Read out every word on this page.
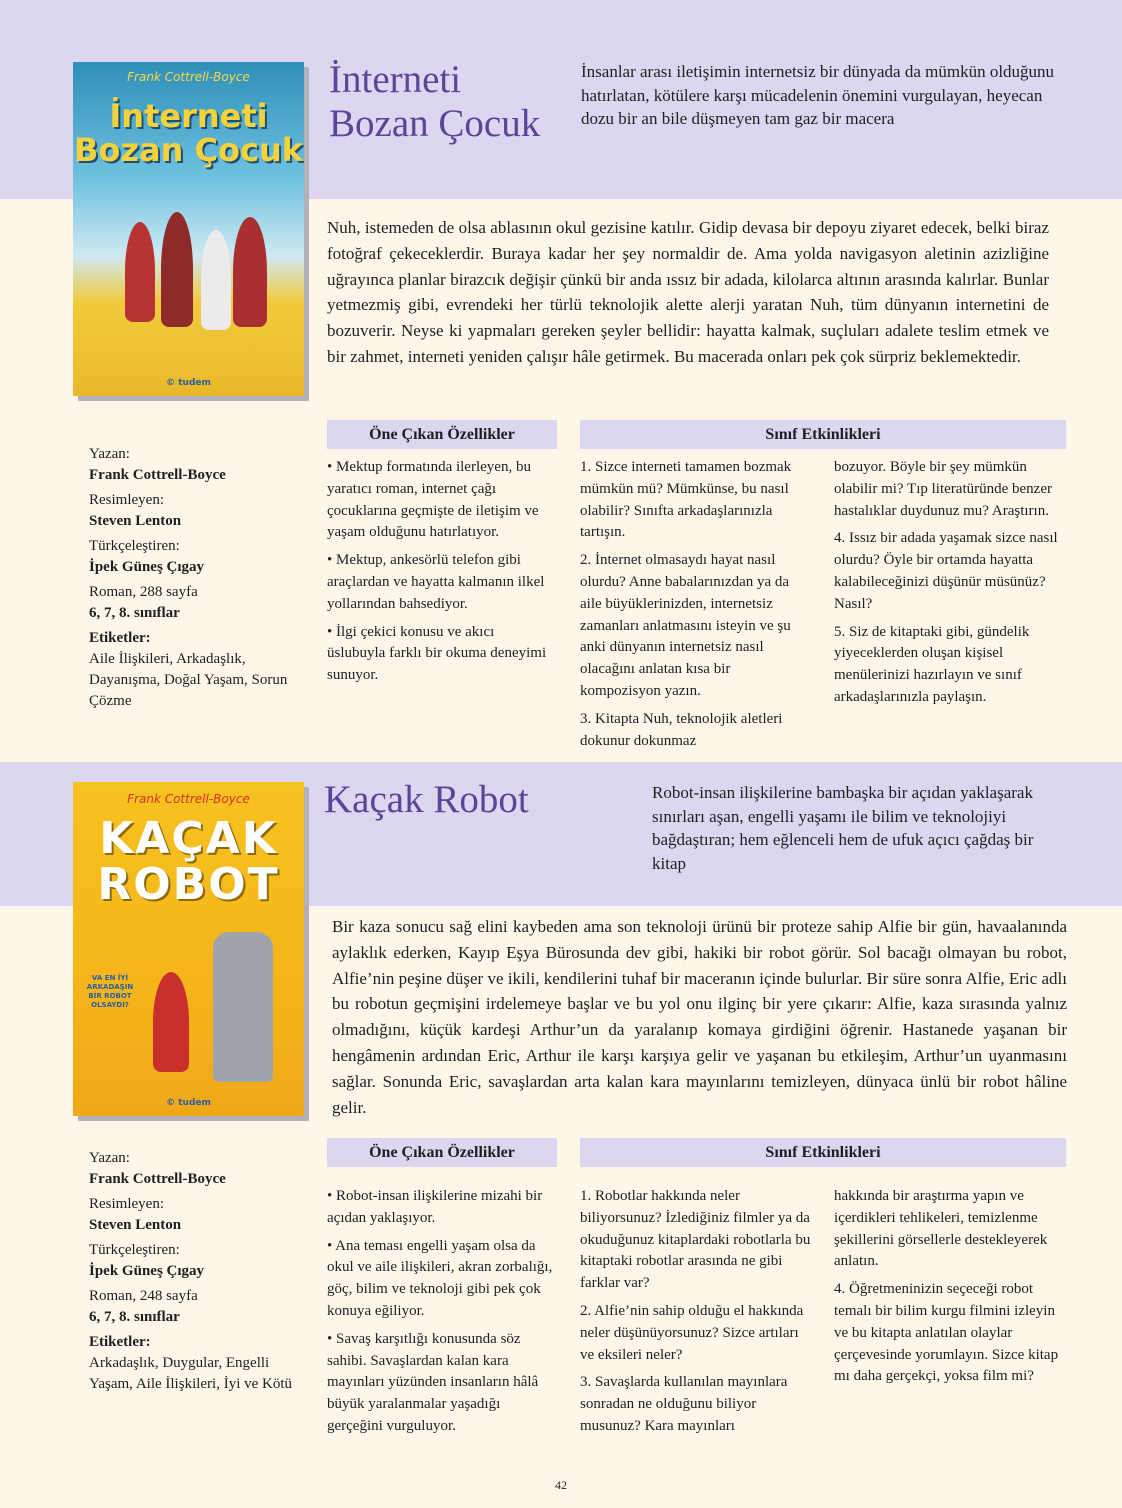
Frank Cottrell-Boyce
İnterneti
Bozan Çocuk
© tudem
İnterneti
Bozan Çocuk

İnsanlar arası iletişimin internetsiz bir dünyada da mümkün olduğunu hatırlatan, kötülere karşı mücadelenin önemini vurgulayan, heyecan dozu bir an bile düşmeyen tam gaz bir macera

Nuh, istemeden de olsa ablasının okul gezisine katılır. Gidip devasa bir depoyu ziyaret edecek, belki biraz fotoğraf çekeceklerdir. Buraya kadar her şey normaldir de. Ama yolda navigasyon aletinin azizliğine uğrayınca planlar birazcık değişir çünkü bir anda ıssız bir adada, kilolarca altının arasında kalırlar. Bunlar yetmezmiş gibi, evrendeki her türlü teknolojik alette alerji yaratan Nuh, tüm dünyanın internetini de bozuverir. Neyse ki yapmaları gereken şeyler bellidir: hayatta kalmak, suçluları adalete teslim etmek ve bir zahmet, interneti yeniden çalışır hâle getirmek. Bu macerada onları pek çok sürpriz beklemektedir.

Öne Çıkan Özellikler	Sınıf Etkinlikleri

• Mektup formatında ilerleyen, bu yaratıcı roman, internet çağı çocuklarına geçmişte de iletişim ve yaşam olduğunu hatırlatıyor.

• Mektup, ankesörlü telefon gibi araçlardan ve hayatta kalmanın ilkel yollarından bahsediyor.

• İlgi çekici konusu ve akıcı üslubuyla farklı bir okuma deneyimi sunuyor.

1. Sizce interneti tamamen bozmak mümkün mü? Mümkünse, bu nasıl olabilir? Sınıfta arkadaşlarınızla tartışın.

2. İnternet olmasaydı hayat nasıl olurdu? Anne babalarınızdan ya da aile büyüklerinizden, internetsiz zamanları anlatmasını isteyin ve şu anki dünyanın internetsiz nasıl olacağını anlatan kısa bir kompozisyon yazın.

3. Kitapta Nuh, teknolojik aletleri dokunur dokunmaz

bozuyor. Böyle bir şey mümkün olabilir mi? Tıp literatüründe benzer hastalıklar duydunuz mu? Araştırın.

4. Issız bir adada yaşamak sizce nasıl olurdu? Öyle bir ortamda hayatta kalabileceğinizi düşünür müsünüz? Nasıl?

5. Siz de kitaptaki gibi, gündelik yiyeceklerden oluşan kişisel menülerinizi hazırlayın ve sınıf arkadaşlarınızla paylaşın.

Yazan:
Frank Cottrell-Boyce
Resimleyen:
Steven Lenton
Türkçeleştiren:
İpek Güneş Çıgay
Roman, 288 sayfa
6, 7, 8. sınıflar
Etiketler:
Aile İlişkileri, Arkadaşlık, Dayanışma, Doğal Yaşam, Sorun Çözme
Frank Cottrell-Boyce
KAÇAK
ROBOT
VA EN İYİ ARKADAŞIN BİR ROBOT OLSAYDI?
© tudem
Kaçak Robot	Robot-insan ilişkilerine bambaşka bir açıdan yaklaşarak sınırları aşan, engelli yaşamı ile bilim ve teknolojiyi bağdaştıran; hem eğlenceli hem de ufuk açıcı çağdaş bir kitap

Bir kaza sonucu sağ elini kaybeden ama son teknoloji ürünü bir proteze sahip Alfie bir gün, havaalanında aylaklık ederken, Kayıp Eşya Bürosunda dev gibi, hakiki bir robot görür. Sol bacağı olmayan bu robot, Alfie’nin peşine düşer ve ikili, kendilerini tuhaf bir maceranın içinde bulurlar. Bir süre sonra Alfie, Eric adlı bu robotun geçmişini irdelemeye başlar ve bu yol onu ilginç bir yere çıkarır: Alfie, kaza sırasında yalnız olmadığını, küçük kardeşi Arthur’un da yaralanıp komaya girdiğini öğrenir. Hastanede yaşanan bir hengâmenin ardından Eric, Arthur ile karşı karşıya gelir ve yaşanan bu etkileşim, Arthur’un uyanmasını sağlar. Sonunda Eric, savaşlardan arta kalan kara mayınlarını temizleyen, dünyaca ünlü bir robot hâline gelir.

Öne Çıkan Özellikler	Sınıf Etkinlikleri

• Robot-insan ilişkilerine mizahi bir açıdan yaklaşıyor.

• Ana teması engelli yaşam olsa da okul ve aile ilişkileri, akran zorbalığı, göç, bilim ve teknoloji gibi pek çok konuya eğiliyor.

• Savaş karşıtlığı konusunda söz sahibi. Savaşlardan kalan kara mayınları yüzünden insanların hâlâ büyük yaralanmalar yaşadığı gerçeğini vurguluyor.

1. Robotlar hakkında neler biliyorsunuz? İzlediğiniz filmler ya da okuduğunuz kitaplardaki robotlarla bu kitaptaki robotlar arasında ne gibi farklar var?

2. Alfie’nin sahip olduğu el hakkında neler düşünüyorsunuz? Sizce artıları ve eksileri neler?

3. Savaşlarda kullanılan mayınlara sonradan ne olduğunu biliyor musunuz? Kara mayınları

hakkında bir araştırma yapın ve içerdikleri tehlikeleri, temizlenme şekillerini görsellerle destekleyerek anlatın.

4. Öğretmeninizin seçeceği robot temalı bir bilim kurgu filmini izleyin ve bu kitapta anlatılan olaylar çerçevesinde yorumlayın. Sizce kitap mı daha gerçekçi, yoksa film mi?

Yazan:
Frank Cottrell-Boyce
Resimleyen:
Steven Lenton
Türkçeleştiren:
İpek Güneş Çıgay
Roman, 248 sayfa
6, 7, 8. sınıflar
Etiketler:
Arkadaşlık, Duygular, Engelli Yaşam, Aile İlişkileri, İyi ve Kötü
42
